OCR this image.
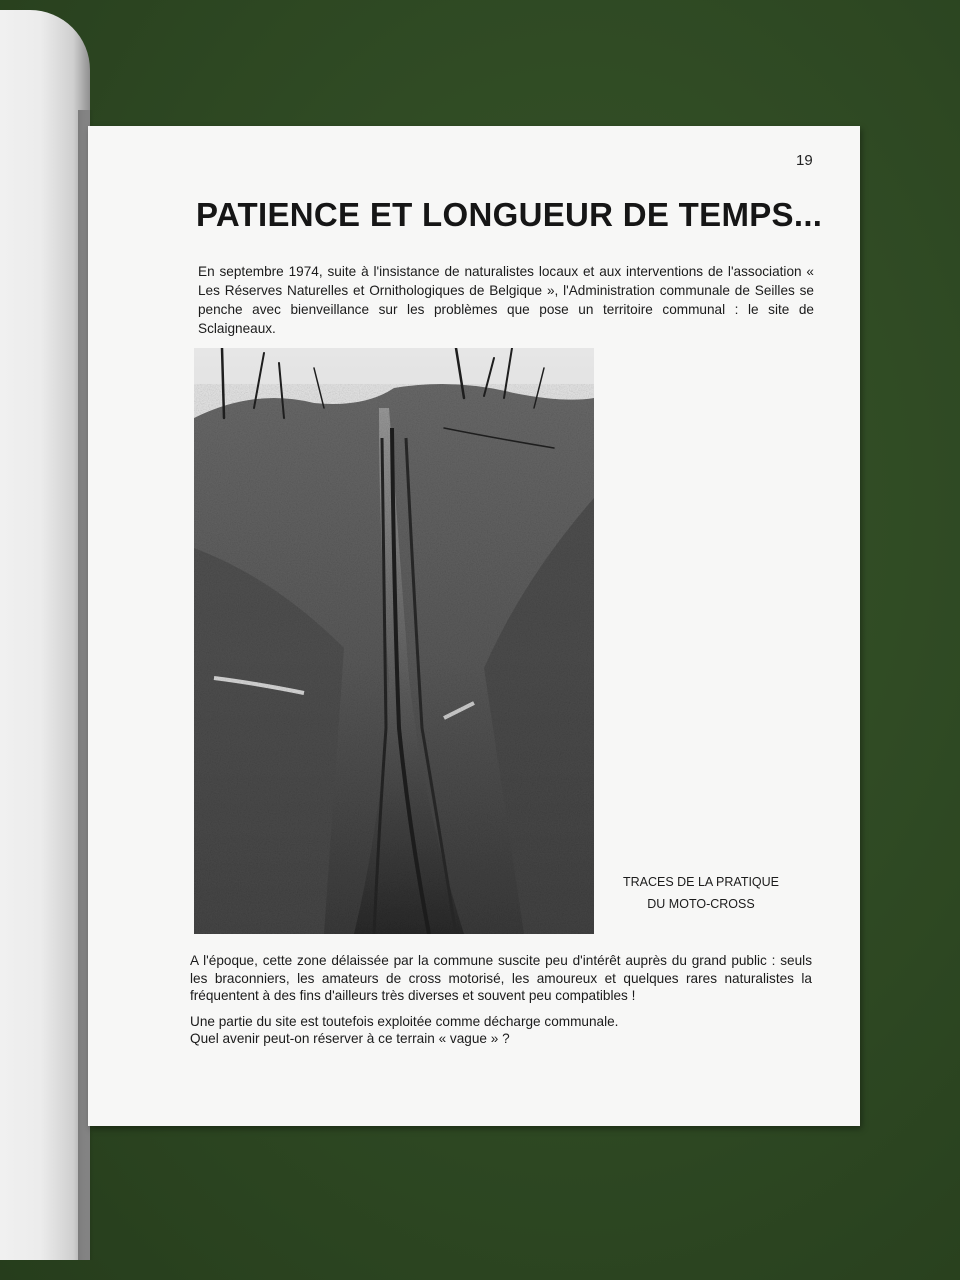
19
PATIENCE ET LONGUEUR DE TEMPS...

En septembre 1974, suite à l'insistance de naturalistes locaux et aux interventions de l'association « Les Réserves Naturelles et Ornithologiques de Belgique », l'Administration communale de Seilles se penche avec bienveillance sur les problèmes que pose un territoire communal : le site de Sclaigneaux.

TRACES DE LA PRATIQUE
DU MOTO-CROSS

A l'époque, cette zone délaissée par la commune suscite peu d'intérêt auprès du grand public : seuls les braconniers, les amateurs de cross motorisé, les amoureux et quelques rares naturalistes la fréquentent à des fins d'ailleurs très diverses et souvent peu compatibles !

Une partie du site est toutefois exploitée comme décharge communale.
Quel avenir peut-on réserver à ce terrain « vague » ?
